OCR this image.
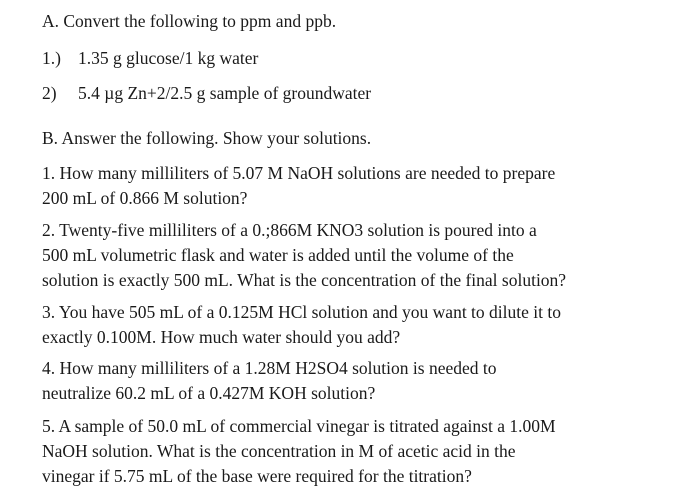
A. Convert the following to ppm and ppb.
1.) 1.35 g glucose/1 kg water
2) 5.4 µg Zn+2/2.5 g sample of groundwater
B. Answer the following. Show your solutions.
1. How many milliliters of 5.07 M NaOH solutions are needed to prepare
200 mL of 0.866 M solution?
2. Twenty-five milliliters of a 0.;866M KNO3 solution is poured into a
500 mL volumetric flask and water is added until the volume of the
solution is exactly 500 mL. What is the concentration of the final solution?
3. You have 505 mL of a 0.125M HCl solution and you want to dilute it to
exactly 0.100M. How much water should you add?
4. How many milliliters of a 1.28M H2SO4 solution is needed to
neutralize 60.2 mL of a 0.427M KOH solution?
5. A sample of 50.0 mL of commercial vinegar is titrated against a 1.00M
NaOH solution. What is the concentration in M of acetic acid in the
vinegar if 5.75 mL of the base were required for the titration?
